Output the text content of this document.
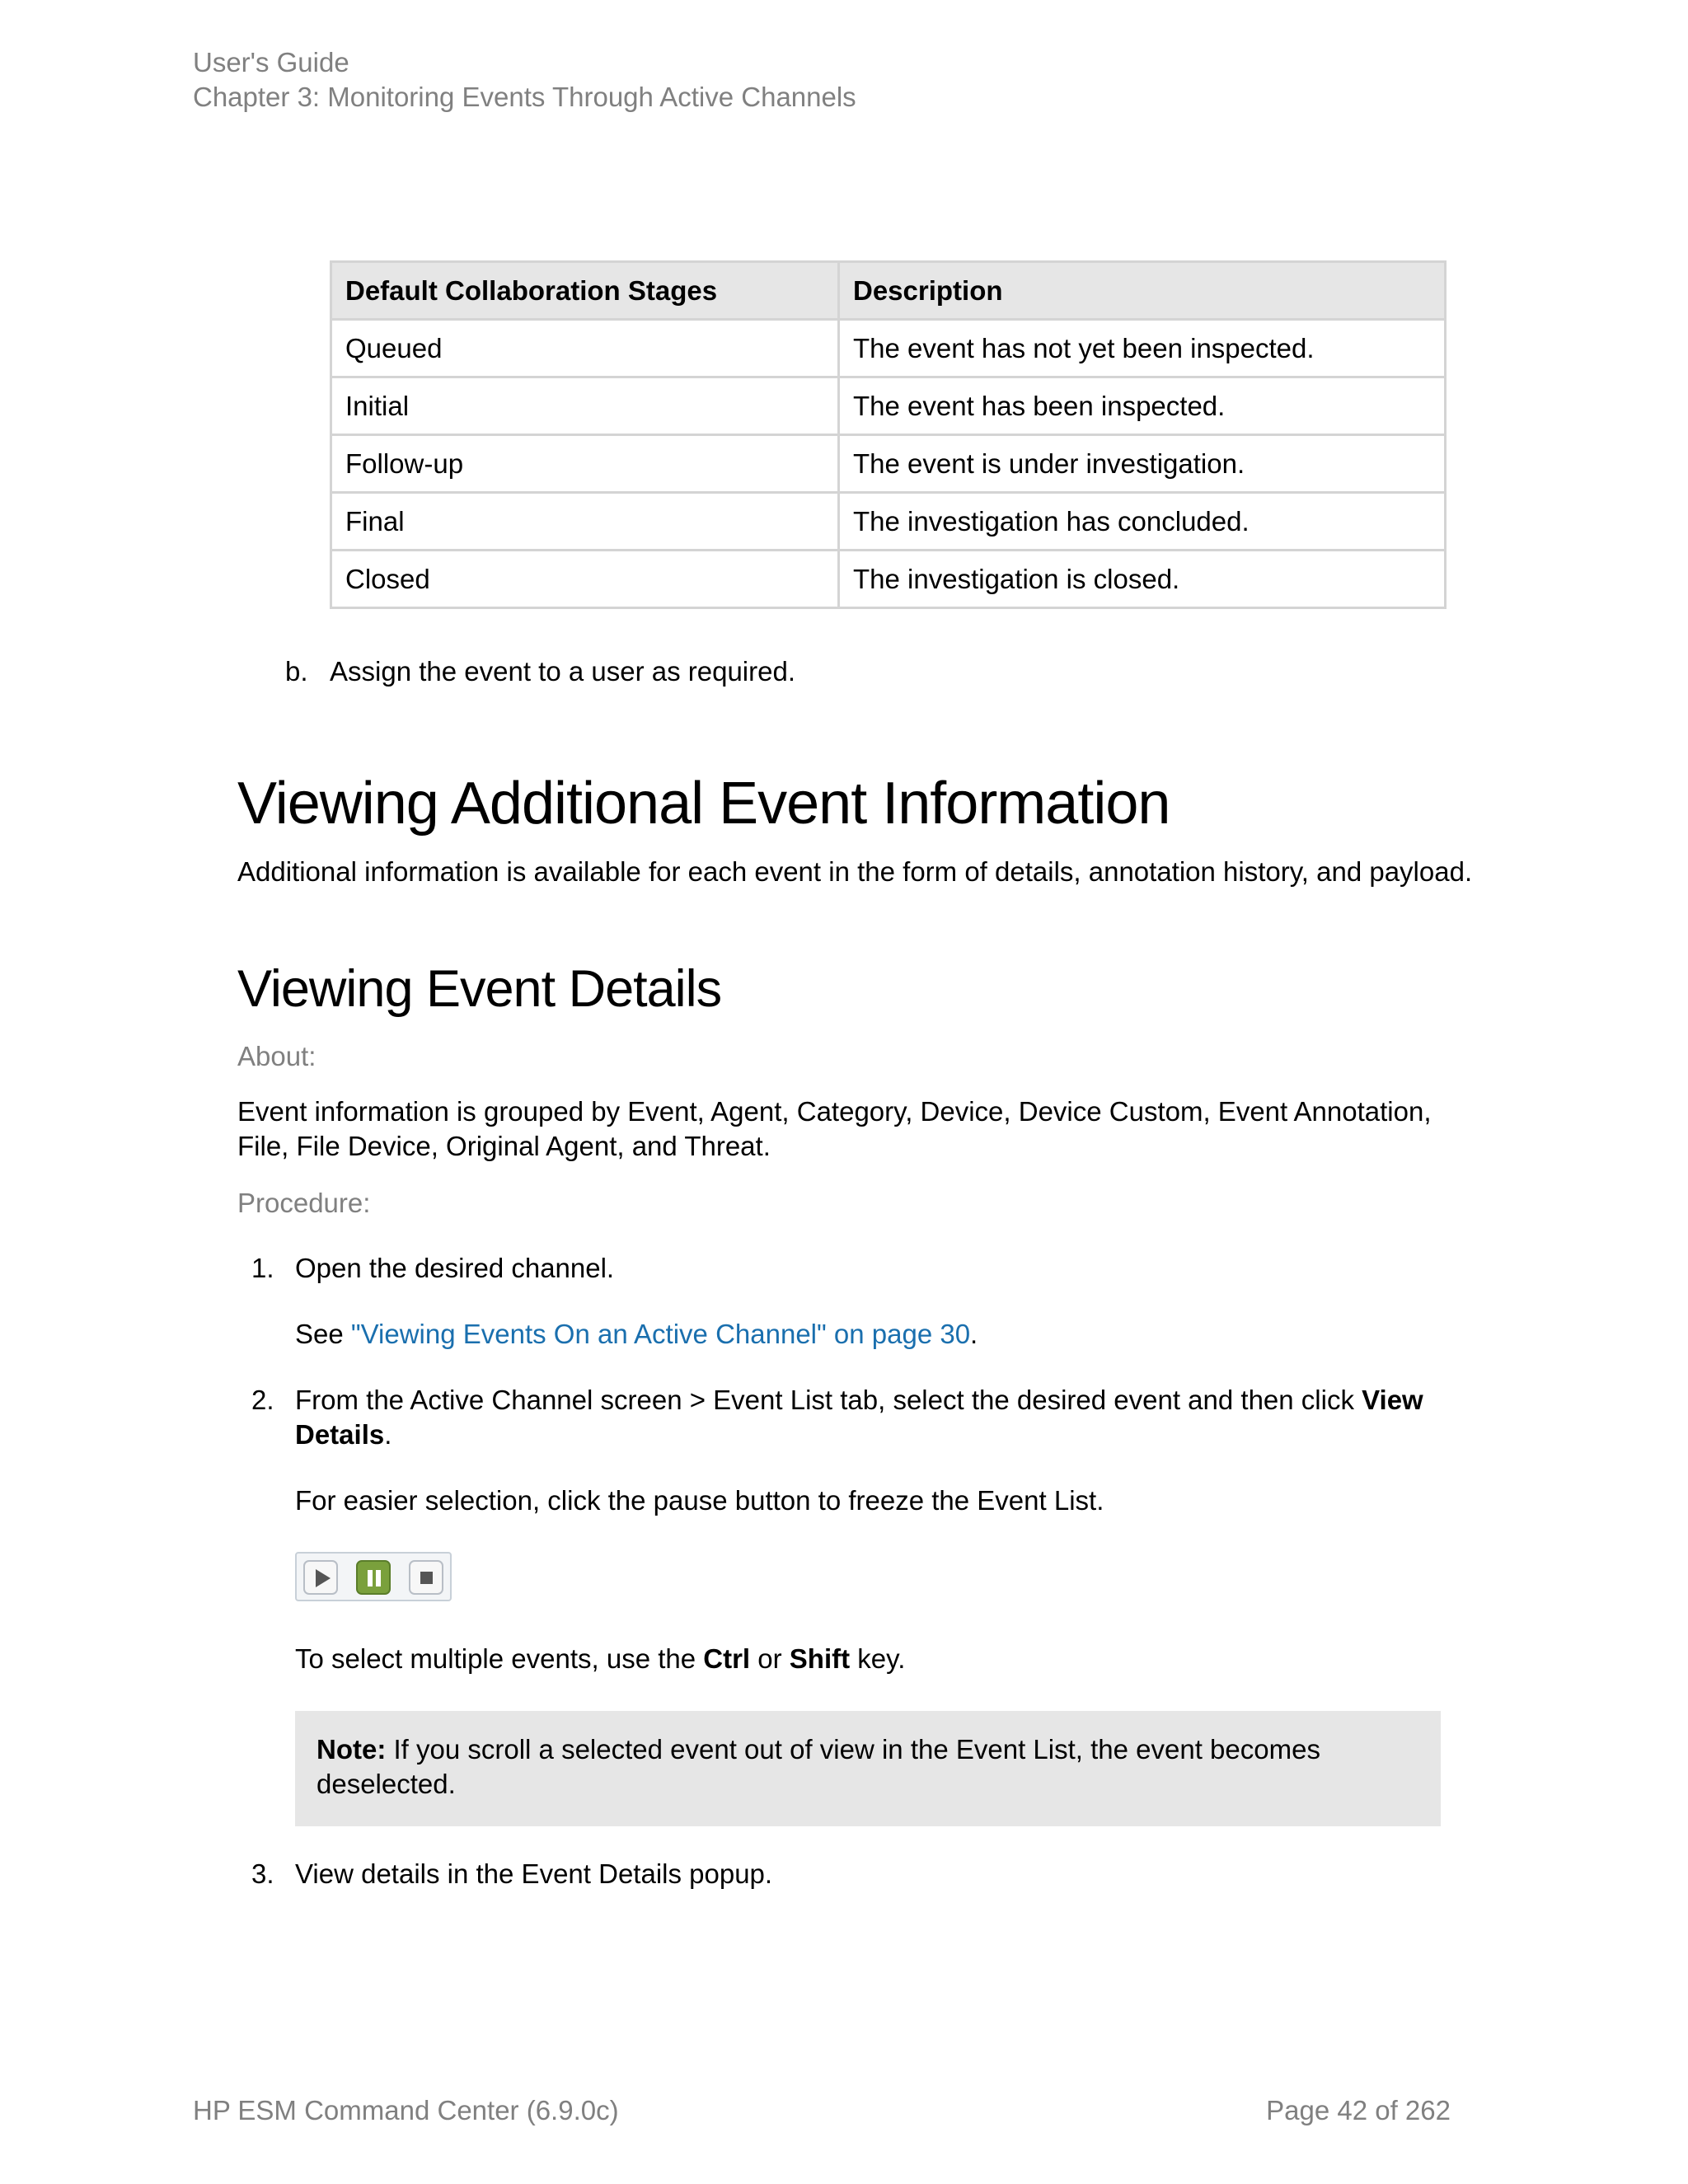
User's Guide
Chapter 3: Monitoring Events Through Active Channels
Default Collaboration Stages	Description
Queued	The event has not yet been inspected.
Initial	The event has been inspected.
Follow-up	The event is under investigation.
Final	The investigation has concluded.
Closed	The investigation is closed.
b. Assign the event to a user as required.
Viewing Additional Event Information
Additional information is available for each event in the form of details, annotation history, and payload.
Viewing Event Details
About:
Event information is grouped by Event, Agent, Category, Device, Device Custom, Event Annotation,
File, File Device, Original Agent, and Threat.
Procedure:
1. Open the desired channel.
See "Viewing Events On an Active Channel" on page 30.
2. From the Active Channel screen > Event List tab, select the desired event and then click View
Details.
For easier selection, click the pause button to freeze the Event List.
To select multiple events, use the Ctrl or Shift key.
Note: If you scroll a selected event out of view in the Event List, the event becomes
deselected.
3. View details in the Event Details popup.
HP ESM Command Center (6.9.0c)	Page 42 of 262
